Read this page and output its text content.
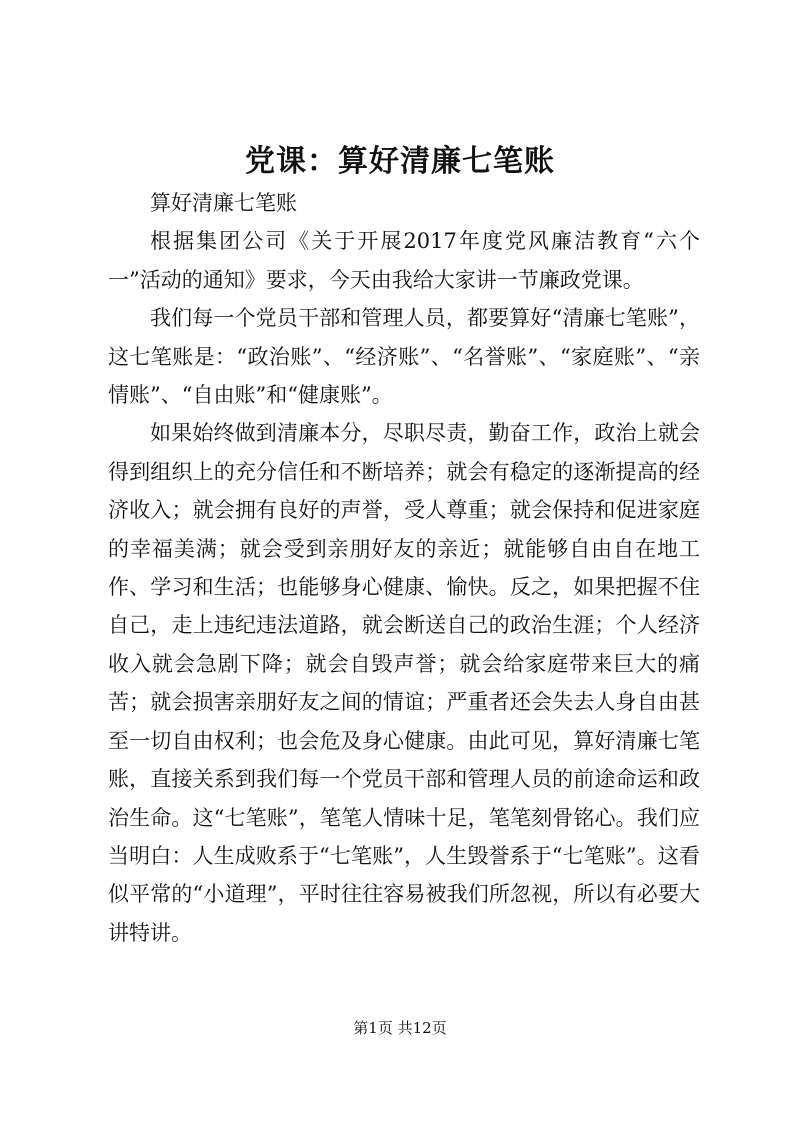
党课：算好清廉七笔账

算好清廉七笔账

根据集团公司《关于开展2017年度党风廉洁教育“六个一”活动的通知》要求，今天由我给大家讲一节廉政党课。

我们每一个党员干部和管理人员，都要算好“清廉七笔账”，这七笔账是：“政治账”、“经济账”、“名誉账”、“家庭账”、“亲情账”、“自由账”和“健康账”。

如果始终做到清廉本分，尽职尽责，勤奋工作，政治上就会得到组织上的充分信任和不断培养；就会有稳定的逐渐提高的经济收入；就会拥有良好的声誉，受人尊重；就会保持和促进家庭的幸福美满；就会受到亲朋好友的亲近；就能够自由自在地工作、学习和生活；也能够身心健康、愉快。反之，如果把握不住自己，走上违纪违法道路，就会断送自己的政治生涯；个人经济收入就会急剧下降；就会自毁声誉；就会给家庭带来巨大的痛苦；就会损害亲朋好友之间的情谊；严重者还会失去人身自由甚至一切自由权利；也会危及身心健康。由此可见，算好清廉七笔账，直接关系到我们每一个党员干部和管理人员的前途命运和政治生命。这“七笔账”，笔笔人情味十足，笔笔刻骨铭心。我们应当明白：人生成败系于“七笔账”，人生毁誉系于“七笔账”。这看似平常的“小道理”，平时往往容易被我们所忽视，所以有必要大讲特讲。

第1页 共12页
